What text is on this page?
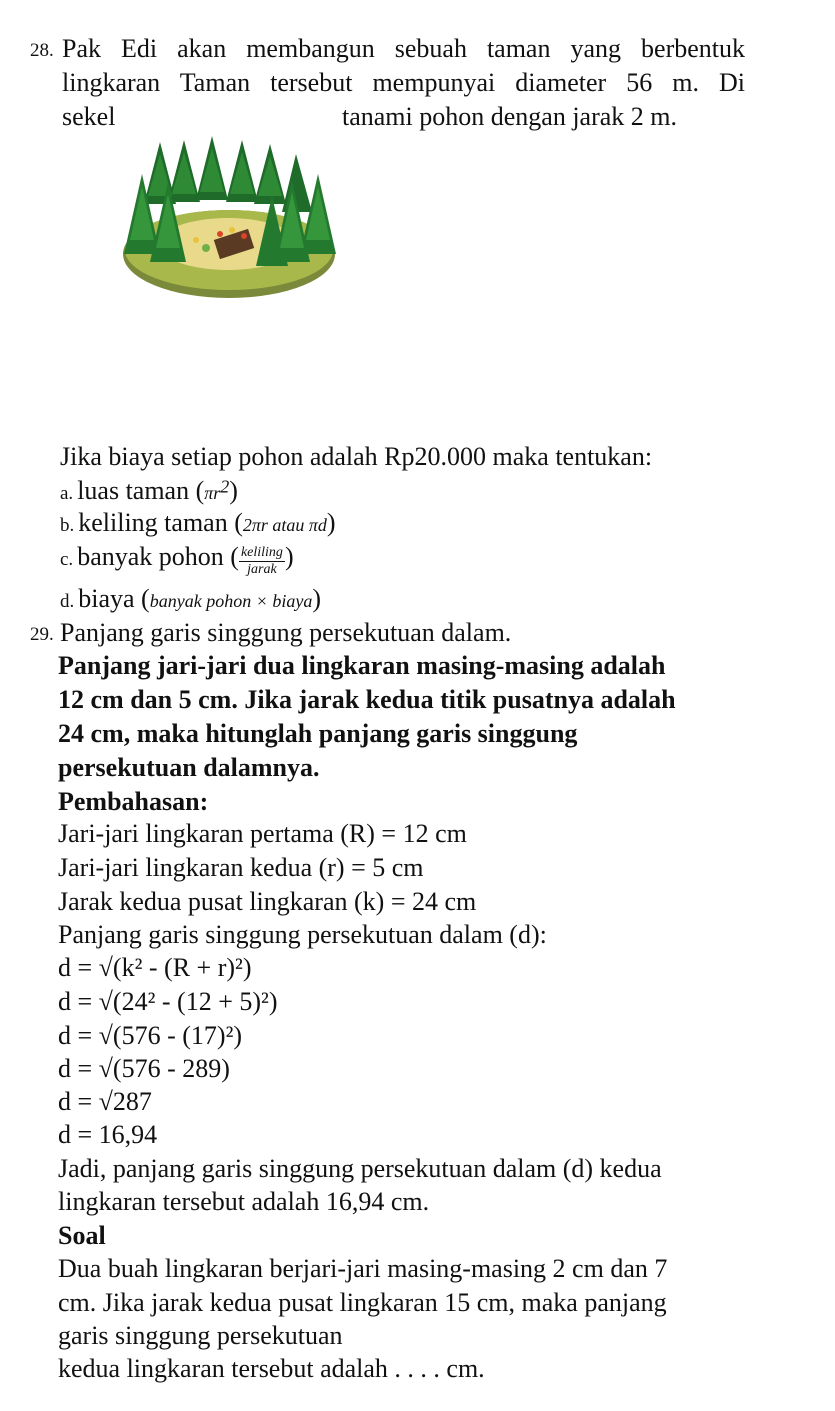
28. Pak Edi akan membangun sebuah taman yang berbentuk
lingkaran Taman tersebut mempunyai diameter 56 m. Di
sekel	tanami pohon dengan jarak 2 m.
Jika biaya setiap pohon adalah Rp20.000 maka tentukan:
a. luas taman $(\pi r^2)$
b. keliling taman (2πr atau πd)
c. banyak pohon ( $\frac{\text{keliling}}{\text{jarak}}$ )
d. biaya (banyak pohon × biaya)
29. Panjang garis singgung persekutuan dalam.
Panjang jari-jari dua lingkaran masing-masing adalah
12 cm dan 5 cm. Jika jarak kedua titik pusatnya adalah
24 cm, maka hitunglah panjang garis singgung
persekutuan dalamnya.
Pembahasan:
Jari-jari lingkaran pertama (R) = 12 cm
Jari-jari lingkaran kedua (r) = 5 cm
Jarak kedua pusat lingkaran (k) = 24 cm
Panjang garis singgung persekutuan dalam (d):
d = √(k² - (R + r)²)
d = √(24² - (12 + 5)²)
d = √(576 - (17)²)
d = √(576 - 289)
d = √287
d = 16,94
Jadi, panjang garis singgung persekutuan dalam (d) kedua
lingkaran tersebut adalah 16,94 cm.
Soal
Dua buah lingkaran berjari-jari masing-masing 2 cm dan 7
cm. Jika jarak kedua pusat lingkaran 15 cm, maka panjang
garis singgung persekutuan
kedua lingkaran tersebut adalah . . . . cm.
